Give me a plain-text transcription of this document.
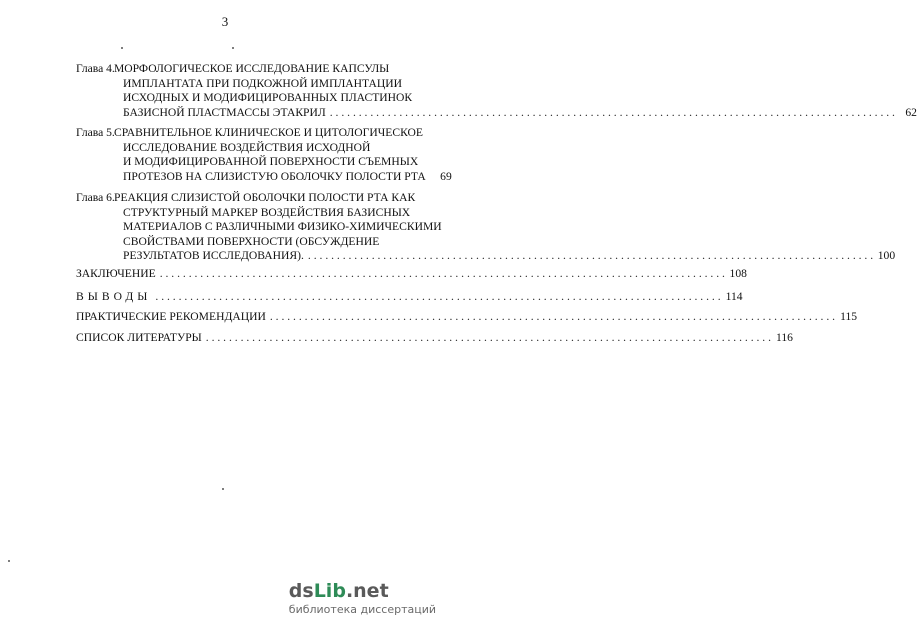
3
Глава 4. МОРФОЛОГИЧЕСКОЕ ИССЛЕДОВАНИЕ КАПСУЛЫ
ИМПЛАНТАТА ПРИ ПОДКОЖНОЙ ИМПЛАНТАЦИИ
ИСХОДНЫХ И МОДИФИЦИРОВАННЫХ ПЛАСТИНОК
БАЗИСНОЙ ПЛАСТМАССЫ ЭТАКРИЛ . . .	62
Глава 5. СРАВНИТЕЛЬНОЕ КЛИНИЧЕСКОЕ И ЦИТОЛОГИЧЕСКОЕ
ИССЛЕДОВАНИЕ ВОЗДЕЙСТВИЯ ИСХОДНОЙ
И МОДИФИЦИРОВАННОЙ ПОВЕРХНОСТИ СЪЕМНЫХ
ПРОТЕЗОВ НА СЛИЗИСТУЮ ОБОЛОЧКУ ПОЛОСТИ РТА	69
Глава 6. РЕАКЦИЯ СЛИЗИСТОЙ ОБОЛОЧКИ ПОЛОСТИ РТА КАК
СТРУКТУРНЫЙ МАРКЕР ВОЗДЕЙСТВИЯ БАЗИСНЫХ
МАТЕРИАЛОВ С РАЗЛИЧНЫМИ ФИЗИКО-ХИМИЧЕСКИМИ
СВОЙСТВАМИ ПОВЕРХНОСТИ (ОБСУЖДЕНИЕ
РЕЗУЛЬТАТОВ ИССЛЕДОВАНИЯ). . . .	100
ЗАКЛЮЧЕНИЕ . . .	108
ВЫВОДЫ . . .	114
ПРАКТИЧЕСКИЕ РЕКОМЕНДАЦИИ . . .	115
СПИСОК ЛИТЕРАТУРЫ . . .	116
dsLib.net
библиотека диссертаций
